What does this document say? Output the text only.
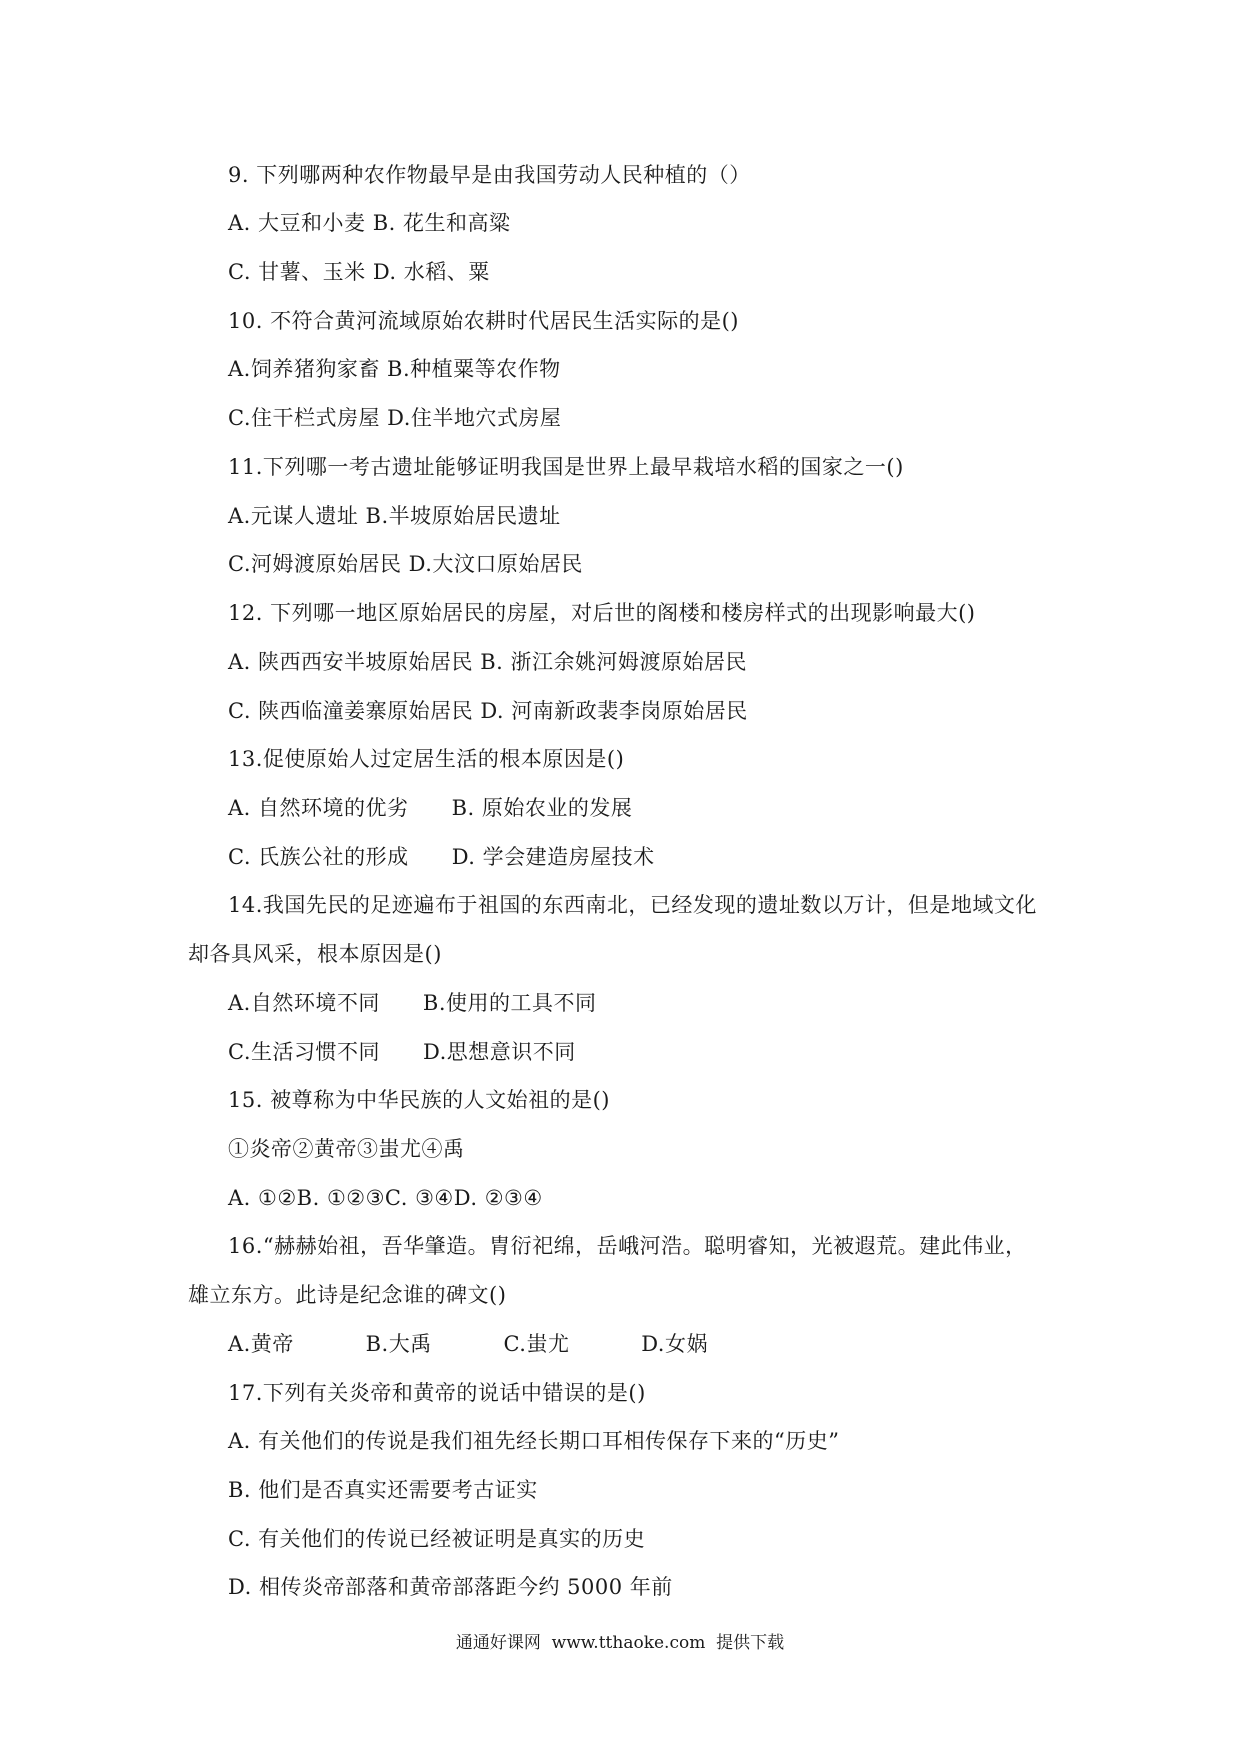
9. 下列哪两种农作物最早是由我国劳动人民种植的（）
A. 大豆和小麦 B. 花生和高粱
C. 甘薯、玉米 D. 水稻、粟
10. 不符合黄河流域原始农耕时代居民生活实际的是()
A.饲养猪狗家畜 B.种植粟等农作物
C.住干栏式房屋 D.住半地穴式房屋
11.下列哪一考古遗址能够证明我国是世界上最早栽培水稻的国家之一()
A.元谋人遗址 B.半坡原始居民遗址
C.河姆渡原始居民 D.大汶口原始居民
12. 下列哪一地区原始居民的房屋，对后世的阁楼和楼房样式的出现影响最大()
A. 陕西西安半坡原始居民 B. 浙江余姚河姆渡原始居民
C. 陕西临潼姜寨原始居民 D. 河南新政裴李岗原始居民
13.促使原始人过定居生活的根本原因是()
A. 自然环境的优劣      B. 原始农业的发展
C. 氏族公社的形成      D. 学会建造房屋技术
14.我国先民的足迹遍布于祖国的东西南北，已经发现的遗址数以万计，但是地域文化
却各具风采，根本原因是()
A.自然环境不同      B.使用的工具不同
C.生活习惯不同      D.思想意识不同
15. 被尊称为中华民族的人文始祖的是()
①炎帝②黄帝③蚩尤④禹
A. ①②B. ①②③C. ③④D. ②③④
16.“赫赫始祖，吾华肇造。胄衍祀绵，岳峨河浩。聪明睿知，光被遐荒。建此伟业，
雄立东方。此诗是纪念谁的碑文()
A.黄帝          B.大禹          C.蚩尤          D.女娲
17.下列有关炎帝和黄帝的说话中错误的是()
A. 有关他们的传说是我们祖先经长期口耳相传保存下来的“历史”
B. 他们是否真实还需要考古证实
C. 有关他们的传说已经被证明是真实的历史
D. 相传炎帝部落和黄帝部落距今约 5000 年前
通通好课网  www.tthaoke.com  提供下载
